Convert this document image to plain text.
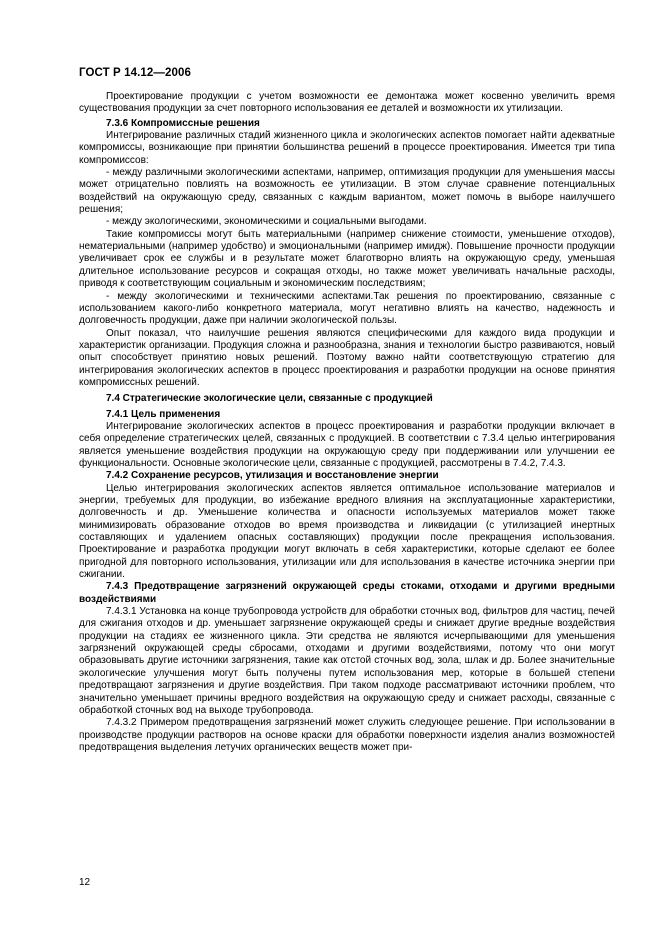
ГОСТ Р 14.12—2006

Проектирование продукции с учетом возможности ее демонтажа может косвенно увеличить время существования продукции за счет повторного использования ее деталей и возможности их утилизации.

7.3.6 Компромиссные решения

Интегрирование различных стадий жизненного цикла и экологических аспектов помогает найти адекватные компромиссы, возникающие при принятии большинства решений в процессе проектирования. Имеется три типа компромиссов:

- между различными экологическими аспектами, например, оптимизация продукции для уменьшения массы может отрицательно повлиять на возможность ее утилизации. В этом случае сравнение потенциальных воздействий на окружающую среду, связанных с каждым вариантом, может помочь в выборе наилучшего решения;

- между экологическими, экономическими и социальными выгодами.

Такие компромиссы могут быть материальными (например снижение стоимости, уменьшение отходов), нематериальными (например удобство) и эмоциональными (например имидж). Повышение прочности продукции увеличивает срок ее службы и в результате может благотворно влиять на окружающую среду, уменьшая длительное использование ресурсов и сокращая отходы, но также может увеличивать начальные расходы, приводя к соответствующим социальным и экономическим последствиям;

- между экологическими и техническими аспектами.Так решения по проектированию, связанные с использованием какого-либо конкретного материала, могут негативно влиять на качество, надежность и долговечность продукции, даже при наличии экологической пользы.

Опыт показал, что наилучшие решения являются специфическими для каждого вида продукции и характеристик организации. Продукция сложна и разнообразна, знания и технологии быстро развиваются, новый опыт способствует принятию новых решений. Поэтому важно найти соответствующую стратегию для интегрирования экологических аспектов в процесс проектирования и разработки продукции на основе принятия компромиссных решений.

7.4 Стратегические экологические цели, связанные с продукцией
7.4.1 Цель применения

Интегрирование экологических аспектов в процесс проектирования и разработки продукции включает в себя определение стратегических целей, связанных с продукцией. В соответствии с 7.3.4 целью интегрирования является уменьшение воздействия продукции на окружающую среду при поддерживании или улучшении ее функциональности. Основные экологические цели, связанные с продукцией, рассмотрены в 7.4.2, 7.4.3.

7.4.2 Сохранение ресурсов, утилизация и восстановление энергии

Целью интегрирования экологических аспектов является оптимальное использование материалов и энергии, требуемых для продукции, во избежание вредного влияния на эксплуатационные характеристики, долговечность и др. Уменьшение количества и опасности используемых материалов может также минимизировать образование отходов во время производства и ликвидации (с утилизацией инертных составляющих и удалением опасных составляющих) продукции после прекращения использования. Проектирование и разработка продукции могут включать в себя характеристики, которые сделают ее более пригодной для повторного использования, утилизации или для использования в качестве источника энергии при сжигании.

7.4.3 Предотвращение загрязнений окружающей среды стоками, отходами и другими вредными воздействиями

7.4.3.1 Установка на конце трубопровода устройств для обработки сточных вод, фильтров для частиц, печей для сжигания отходов и др. уменьшает загрязнение окружающей среды и снижает другие вредные воздействия продукции на стадиях ее жизненного цикла. Эти средства не являются исчерпывающими для уменьшения загрязнений окружающей среды сбросами, отходами и другими воздействиями, потому что они могут образовывать другие источники загрязнения, такие как отстой сточных вод, зола, шлак и др. Более значительные экологические улучшения могут быть получены путем использования мер, которые в большей степени предотвращают загрязнения и другие воздействия. При таком подходе рассматривают источники проблем, что значительно уменьшает причины вредного воздействия на окружающую среду и снижает расходы, связанные с обработкой сточных вод на выходе трубопровода.

7.4.3.2 Примером предотвращения загрязнений может служить следующее решение. При использовании в производстве продукции растворов на основе краски для обработки поверхности изделия анализ возможностей предотвращения выделения летучих органических веществ может при-

12
